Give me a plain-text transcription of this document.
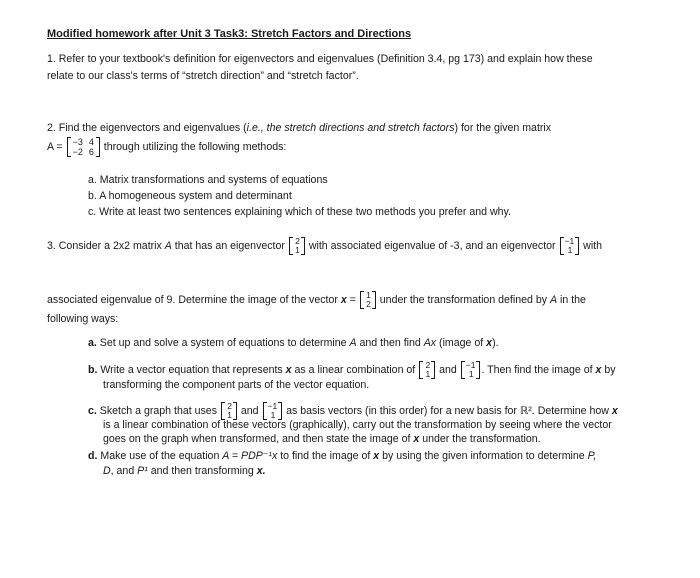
Modified homework after Unit 3 Task3: Stretch Factors and Directions
1. Refer to your textbook's definition for eigenvectors and eigenvalues (Definition 3.4, pg 173) and explain how these
relate to our class's terms of “stretch direction” and “stretch factor”.
2. Find the eigenvectors and eigenvalues (i.e., the stretch directions and stretch factors) for the given matrix
A = −3 4
−2 6 through utilizing the following methods:
a. Matrix transformations and systems of equations
b. A homogeneous system and determinant
c. Write at least two sentences explaining which of these two methods you prefer and why.
3. Consider a 2x2 matrix A that has an eigenvector 2
1 with associated eigenvalue of -3, and an eigenvector −1
1 with
associated eigenvalue of 9. Determine the image of the vector x = 1
2 under the transformation defined by A in the
following ways:
a. Set up and solve a system of equations to determine A and then find Ax (image of x).
b. Write a vector equation that represents x as a linear combination of 2
1 and −1
1 . Then find the image of x by
transforming the component parts of the vector equation.
c. Sketch a graph that uses 2
1 and −1
1 as basis vectors (in this order) for a new basis for ℝ². Determine how x
is a linear combination of these vectors (graphically), carry out the transformation by seeing where the vector
goes on the graph when transformed, and then state the image of x under the transformation.
d. Make use of the equation A = PDP⁻¹x to find the image of x by using the given information to determine P,
D, and P¹ and then transforming x.
